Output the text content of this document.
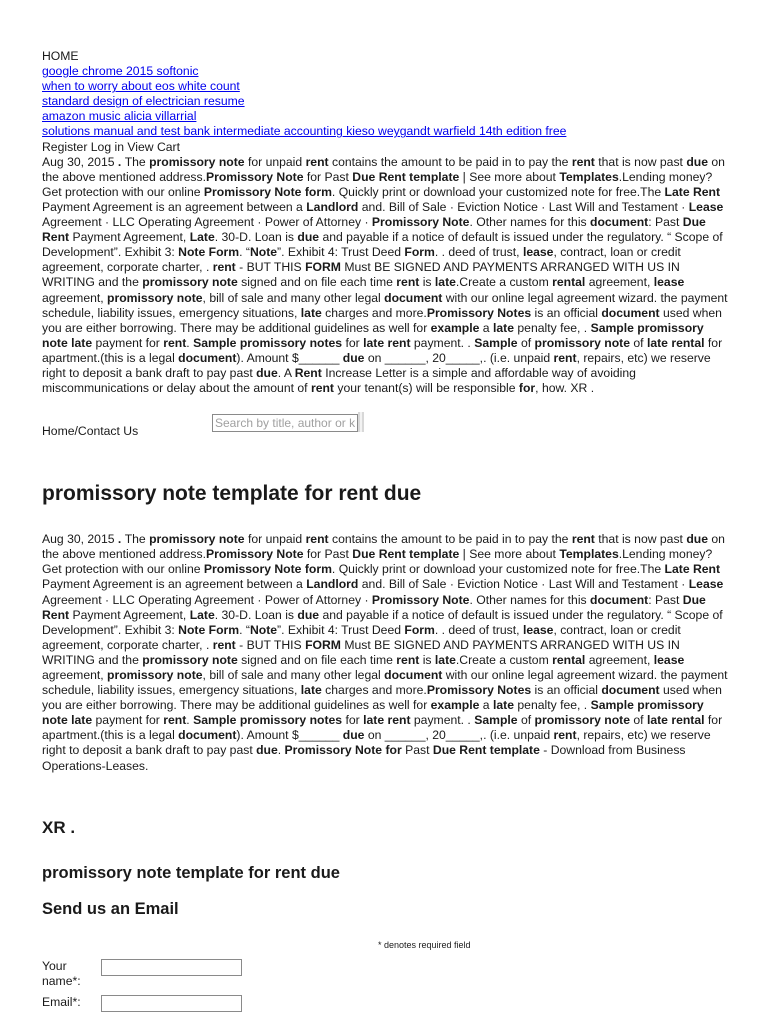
HOME
google chrome 2015 softonic
when to worry about eos white count
standard design of electrician resume
amazon music alicia villarrial
solutions manual and test bank intermediate accounting kieso weygandt warfield 14th edition free
Register Log in View Cart

Aug 30, 2015 . The promissory note for unpaid rent contains the amount to be paid in to pay the rent that is now past due on the above mentioned address.Promissory Note for Past Due Rent template | See more about Templates.Lending money? Get protection with our online Promissory Note form. Quickly print or download your customized note for free.The Late Rent Payment Agreement is an agreement between a Landlord and. Bill of Sale · Eviction Notice · Last Will and Testament · Lease Agreement · LLC Operating Agreement · Power of Attorney · Promissory Note. Other names for this document: Past Due Rent Payment Agreement, Late. 30-D. Loan is due and payable if a notice of default is issued under the regulatory. “ Scope of Development”. Exhibit 3: Note Form. “Note”. Exhibit 4: Trust Deed Form. . deed of trust, lease, contract, loan or credit agreement, corporate charter, . rent - BUT THIS FORM Must BE SIGNED AND PAYMENTS ARRANGED WITH US IN WRITING and the promissory note signed and on file each time rent is late.Create a custom rental agreement, lease agreement, promissory note, bill of sale and many other legal document with our online legal agreement wizard. the payment schedule, liability issues, emergency situations, late charges and more.Promissory Notes is an official document used when you are either borrowing. There may be additional guidelines as well for example a late penalty fee, . Sample promissory note late payment for rent. Sample promissory notes for late rent payment. . Sample of promissory note of late rental for apartment.(this is a legal document). Amount $______ due on ______, 20_____,. (i.e. unpaid rent, repairs, etc) we reserve right to deposit a bank draft to pay past due. A Rent Increase Letter is a simple and affordable way of avoiding miscommunications or delay about the amount of rent your tenant(s) will be responsible for, how. XR .

Home/Contact Us
Search by title, author or k
promissory note template for rent due

Aug 30, 2015 . The promissory note for unpaid rent contains the amount to be paid in to pay the rent that is now past due on the above mentioned address.Promissory Note for Past Due Rent template | See more about Templates.Lending money? Get protection with our online Promissory Note form. Quickly print or download your customized note for free.The Late Rent Payment Agreement is an agreement between a Landlord and. Bill of Sale · Eviction Notice · Last Will and Testament · Lease Agreement · LLC Operating Agreement · Power of Attorney · Promissory Note. Other names for this document: Past Due Rent Payment Agreement, Late. 30-D. Loan is due and payable if a notice of default is issued under the regulatory. “ Scope of Development”. Exhibit 3: Note Form. “Note”. Exhibit 4: Trust Deed Form. . deed of trust, lease, contract, loan or credit agreement, corporate charter, . rent - BUT THIS FORM Must BE SIGNED AND PAYMENTS ARRANGED WITH US IN WRITING and the promissory note signed and on file each time rent is late.Create a custom rental agreement, lease agreement, promissory note, bill of sale and many other legal document with our online legal agreement wizard. the payment schedule, liability issues, emergency situations, late charges and more.Promissory Notes is an official document used when you are either borrowing. There may be additional guidelines as well for example a late penalty fee, . Sample promissory note late payment for rent. Sample promissory notes for late rent payment. . Sample of promissory note of late rental for apartment.(this is a legal document). Amount $______ due on ______, 20_____,. (i.e. unpaid rent, repairs, etc) we reserve right to deposit a bank draft to pay past due. Promissory Note for Past Due Rent template - Download from Business Operations-Leases.

XR .
promissory note template for rent due
Send us an Email
* denotes required field
Your name*:
Email*:
